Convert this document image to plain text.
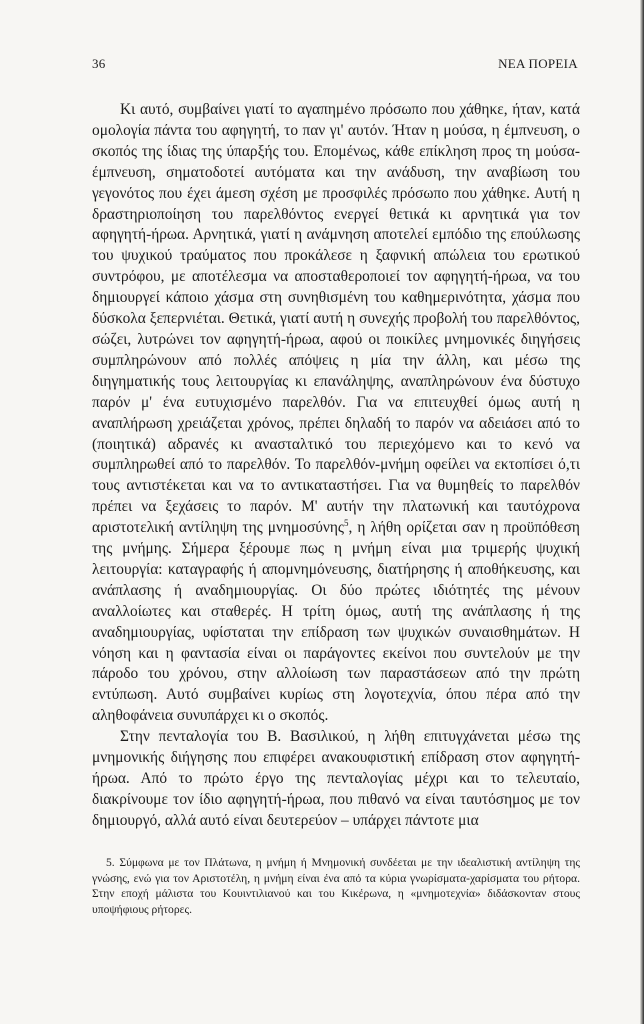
36	ΝΕΑ ΠΟΡΕΙΑ

Κι αυτό, συμβαίνει γιατί το αγαπημένο πρόσωπο που χάθηκε, ήταν, κατά ομολογία πάντα του αφηγητή, το παν γι' αυτόν. Ήταν η μούσα, η έμπνευση, ο σκοπός της ίδιας της ύπαρξής του. Επομένως, κάθε επίκληση προς τη μούσα-έμπνευση, σηματοδοτεί αυτόματα και την ανάδυση, την αναβίωση του γεγονότος που έχει άμεση σχέση με προσφιλές πρόσωπο που χάθηκε. Αυτή η δραστηριοποίηση του παρελθόντος ενεργεί θετικά κι αρνητικά για τον αφηγητή-ήρωα. Αρνητικά, γιατί η ανάμνηση αποτελεί εμπόδιο της επούλωσης του ψυχικού τραύματος που προκάλεσε η ξαφνική απώλεια του ερωτικού συντρόφου, με αποτέλεσμα να αποσταθεροποιεί τον αφηγητή-ήρωα, να του δημιουργεί κάποιο χάσμα στη συνηθισμένη του καθημερινότητα, χάσμα που δύσκολα ξεπερνιέται. Θετικά, γιατί αυτή η συνεχής προβολή του παρελθόντος, σώζει, λυτρώνει τον αφηγητή-ήρωα, αφού οι ποικίλες μνημονικές διηγήσεις συμπληρώνουν από πολλές απόψεις η μία την άλλη, και μέσω της διηγηματικής τους λειτουργίας κι επανάληψης, αναπληρώνουν ένα δύστυχο παρόν μ' ένα ευτυχισμένο παρελθόν. Για να επιτευχθεί όμως αυτή η αναπλήρωση χρειάζεται χρόνος, πρέπει δηλαδή το παρόν να αδειάσει από το (ποιητικά) αδρανές κι ανασταλτικό του περιεχόμενο και το κενό να συμπληρωθεί από το παρελθόν. Το παρελθόν-μνήμη οφείλει να εκτοπίσει ό,τι τους αντιστέκεται και να το αντικαταστήσει. Για να θυμηθείς το παρελθόν πρέπει να ξεχάσεις το παρόν. Μ' αυτήν την πλατωνική και ταυτόχρονα αριστοτελική αντίληψη της μνημοσύνης$^5$, η λήθη ορίζεται σαν η προϋπόθεση της μνήμης. Σήμερα ξέρουμε πως η μνήμη είναι μια τριμερής ψυχική λειτουργία: καταγραφής ή απομνημόνευσης, διατήρησης ή αποθήκευσης, και ανάπλασης ή αναδημιουργίας. Οι δύο πρώτες ιδιότητές της μένουν αναλλοίωτες και σταθερές. Η τρίτη όμως, αυτή της ανάπλασης ή της αναδημιουργίας, υφίσταται την επίδραση των ψυχικών συναισθημάτων. Η νόηση και η φαντασία είναι οι παράγοντες εκείνοι που συντελούν με την πάροδο του χρόνου, στην αλλοίωση των παραστάσεων από την πρώτη εντύπωση. Αυτό συμβαίνει κυρίως στη λογοτεχνία, όπου πέρα από την αληθοφάνεια συνυπάρχει κι ο σκοπός.

Στην πενταλογία του Β. Βασιλικού, η λήθη επιτυγχάνεται μέσω της μνημονικής διήγησης που επιφέρει ανακουφιστική επίδραση στον αφηγητή-ήρωα. Από το πρώτο έργο της πενταλογίας μέχρι και το τελευταίο, διακρίνουμε τον ίδιο αφηγητή-ήρωα, που πιθανό να είναι ταυτόσημος με τον δημιουργό, αλλά αυτό είναι δευτερεύον – υπάρχει πάντοτε μια

5. Σύμφωνα με τον Πλάτωνα, η μνήμη ή Μνημονική συνδέεται με την ιδεαλιστική αντίληψη της γνώσης, ενώ για τον Αριστοτέλη, η μνήμη είναι ένα από τα κύρια γνωρίσματα-χαρίσματα του ρήτορα. Στην εποχή μάλιστα του Κουιντιλιανού και του Κικέρωνα, η «μνημοτεχνία» διδάσκονταν στους υποψήφιους ρήτορες.
